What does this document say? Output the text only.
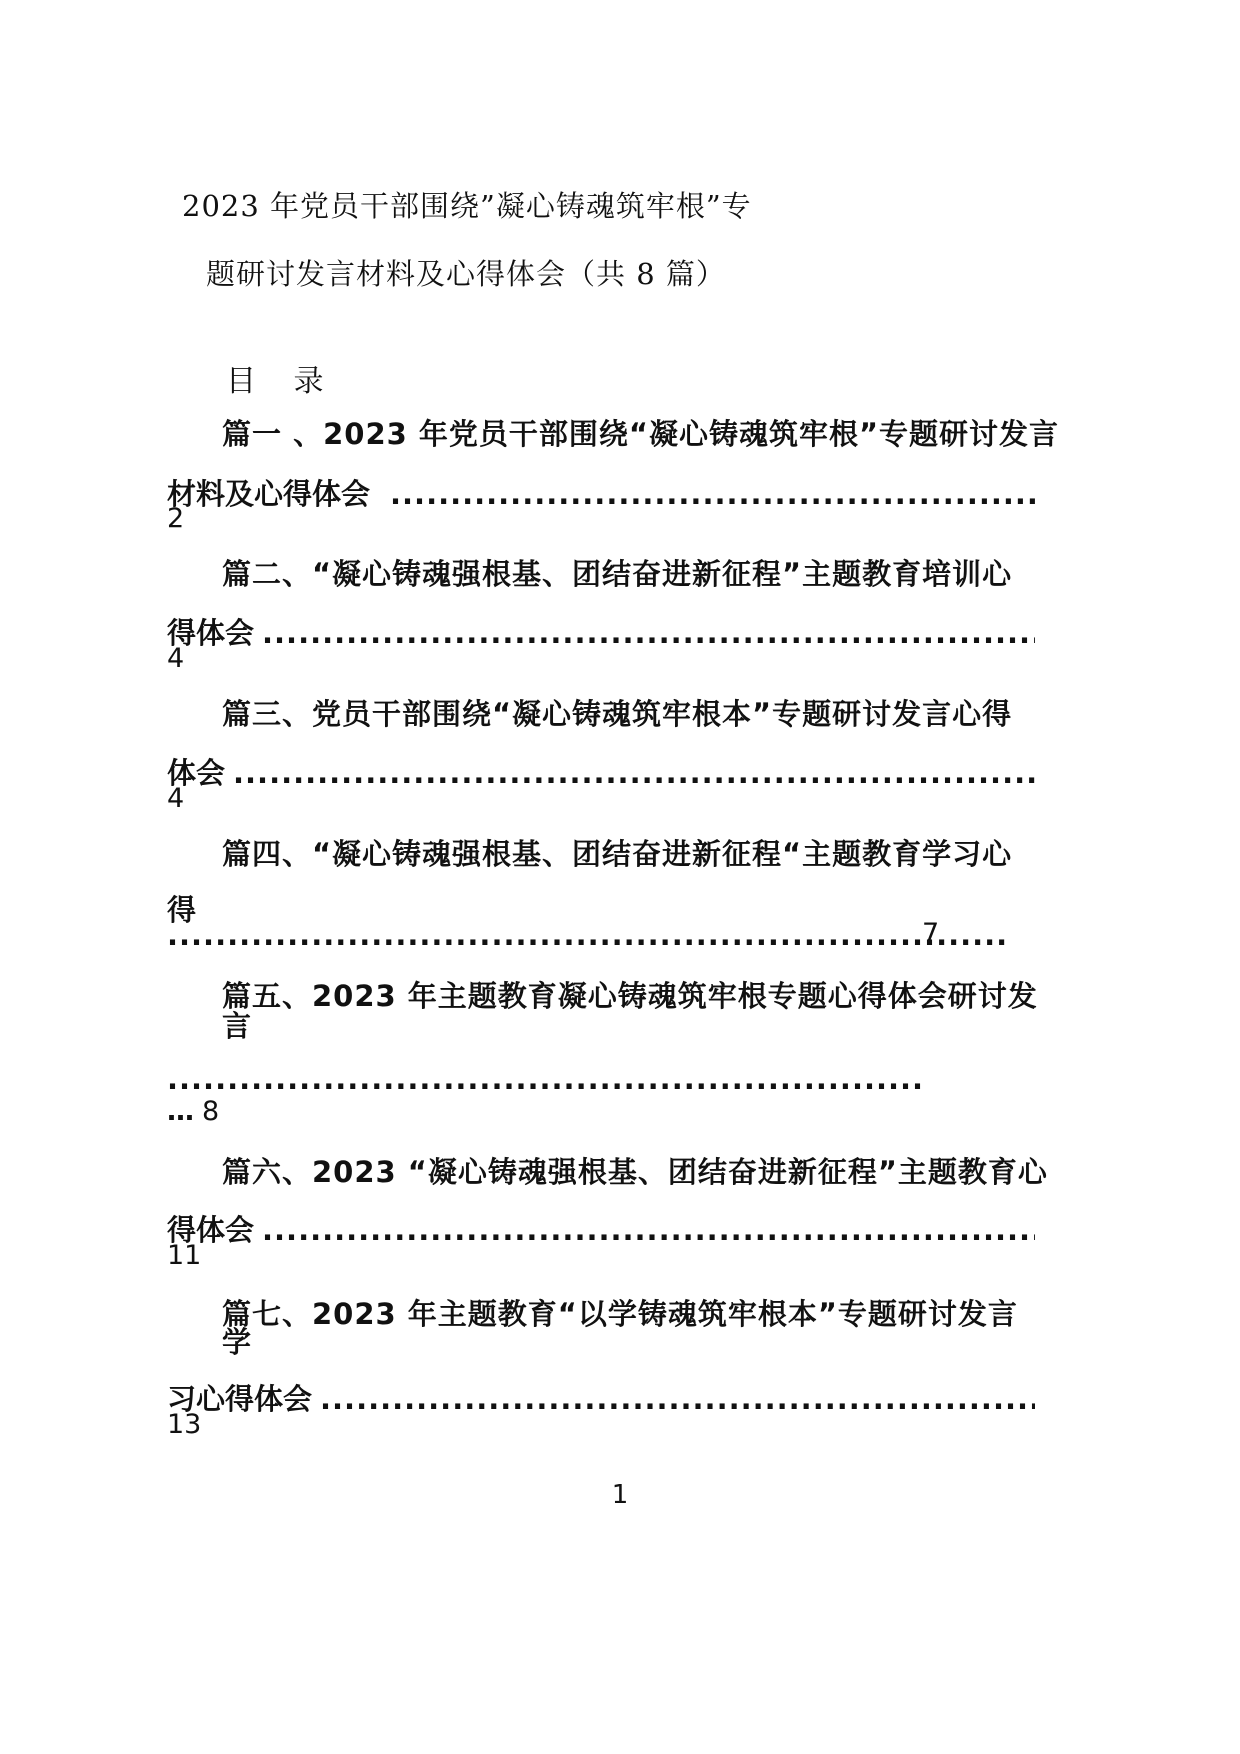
2023 年党员干部围绕”凝心铸魂筑牢根”专
题研讨发言材料及心得体会（共 8 篇）
目 录
篇一 、2023 年党员干部围绕“凝心铸魂筑牢根”专题研讨发言
材料及心得体会
.....
2
篇二、“凝心铸魂强根基、团结奋进新征程”主题教育培训心
得体会
.....
4
篇三、党员干部围绕“凝心铸魂筑牢根本”专题研讨发言心得
体会
.....
4
篇四、“凝心铸魂强根基、团结奋进新征程“主题教育学习心
得
.....
7
篇五、2023 年主题教育凝心铸魂筑牢根专题心得体会研讨发
言
.....
… 8
篇六、2023 “凝心铸魂强根基、团结奋进新征程”主题教育心
得体会
.....
11
篇七、2023 年主题教育“以学铸魂筑牢根本”专题研讨发言
学
习心得体会
.....
13
1
